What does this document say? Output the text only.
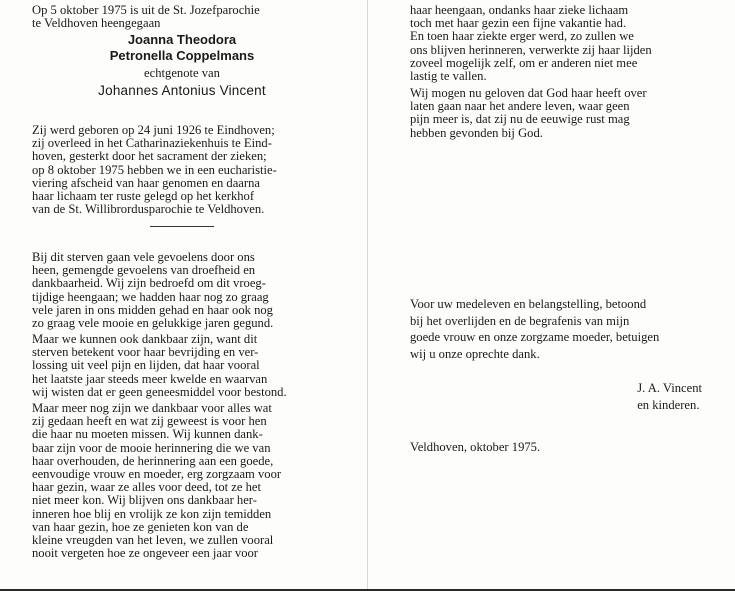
Op 5 oktober 1975 is uit de St. Jozefparochie
te Veldhoven heengegaan

Joanna Theodora
Petronella Coppelmans
echtgenote van
Johannes Antonius Vincent

Zij werd geboren op 24 juni 1926 te Eindhoven;
zij overleed in het Catharinaziekenhuis te Eind-
hoven, gesterkt door het sacrament der zieken;
op 8 oktober 1975 hebben we in een eucharistie-
viering afscheid van haar genomen en daarna
haar lichaam ter ruste gelegd op het kerkhof
van de St. Willibrordusparochie te Veldhoven.

Bij dit sterven gaan vele gevoelens door ons
heen, gemengde gevoelens van droefheid en
dankbaarheid. Wij zijn bedroefd om dit vroeg-
tijdige heengaan; we hadden haar nog zo graag
vele jaren in ons midden gehad en haar ook nog
zo graag vele mooie en gelukkige jaren gegund.

Maar we kunnen ook dankbaar zijn, want dit
sterven betekent voor haar bevrijding en ver-
lossing uit veel pijn en lijden, dat haar vooral
het laatste jaar steeds meer kwelde en waarvan
wij wisten dat er geen geneesmiddel voor bestond.

Maar meer nog zijn we dankbaar voor alles wat
zij gedaan heeft en wat zij geweest is voor hen
die haar nu moeten missen. Wij kunnen dank-
baar zijn voor de mooie herinnering die we van
haar overhouden, de herinnering aan een goede,
eenvoudige vrouw en moeder, erg zorgzaam voor
haar gezin, waar ze alles voor deed, tot ze het
niet meer kon. Wij blijven ons dankbaar her-
inneren hoe blij en vrolijk ze kon zijn temidden
van haar gezin, hoe ze genieten kon van de
kleine vreugden van het leven, we zullen vooral
nooit vergeten hoe ze ongeveer een jaar voor

haar heengaan, ondanks haar zieke lichaam
toch met haar gezin een fijne vakantie had.
En toen haar ziekte erger werd, zo zullen we
ons blijven herinneren, verwerkte zij haar lijden
zoveel mogelijk zelf, om er anderen niet mee
lastig te vallen.

Wij mogen nu geloven dat God haar heeft over
laten gaan naar het andere leven, waar geen
pijn meer is, dat zij nu de eeuwige rust mag
hebben gevonden bij God.

Voor uw medeleven en belangstelling, betoond
bij het overlijden en de begrafenis van mijn
goede vrouw en onze zorgzame moeder, betuigen
wij u onze oprechte dank.

J. A. Vincent
en kinderen.
Veldhoven, oktober 1975.
